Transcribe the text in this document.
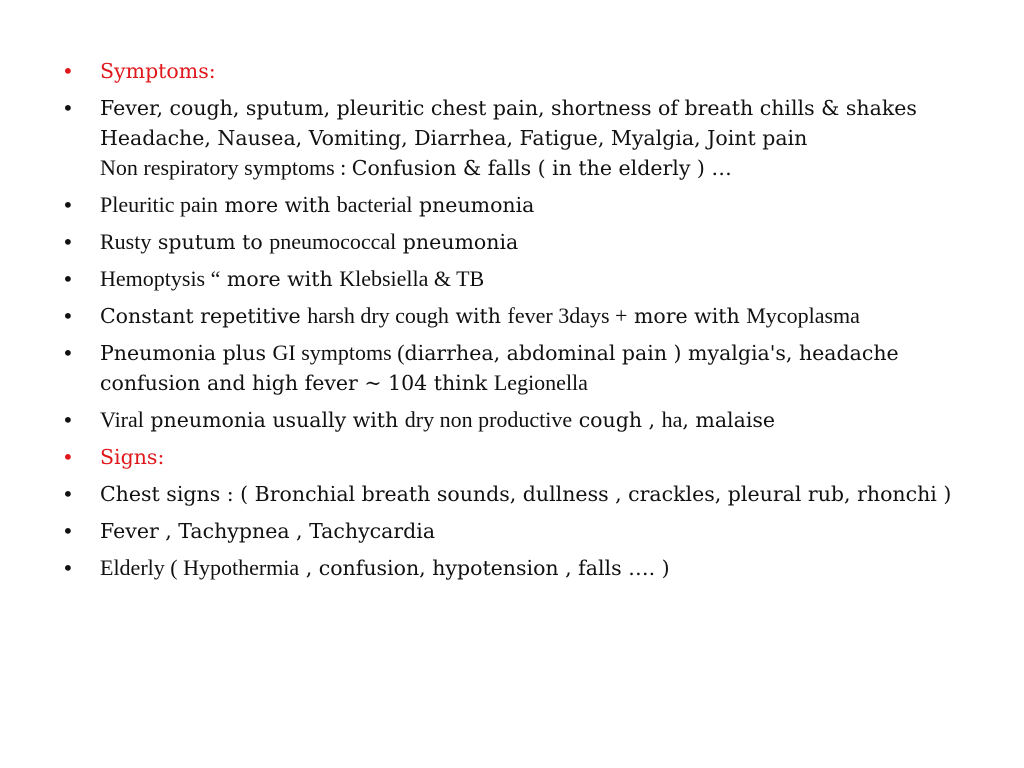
• Symptoms:
• Fever, cough, sputum, pleuritic chest pain, shortness of breath chills & shakes
Headache, Nausea, Vomiting, Diarrhea, Fatigue, Myalgia, Joint pain
Non respiratory symptoms : Confusion & falls ( in the elderly ) …
• Pleuritic pain more with bacterial pneumonia
• Rusty sputum to pneumococcal pneumonia
• Hemoptysis “ more with Klebsiella & TB
• Constant repetitive harsh dry cough with fever 3days + more with Mycoplasma
• Pneumonia plus GI symptoms (diarrhea, abdominal pain ) myalgia's, headache
confusion and high fever ~ 104 think Legionella
• Viral pneumonia usually with dry non productive cough , ha, malaise
• Signs:
• Chest signs : ( Bronchial breath sounds, dullness , crackles, pleural rub, rhonchi )
• Fever , Tachypnea , Tachycardia
• Elderly ( Hypothermia , confusion, hypotension , falls …. )
